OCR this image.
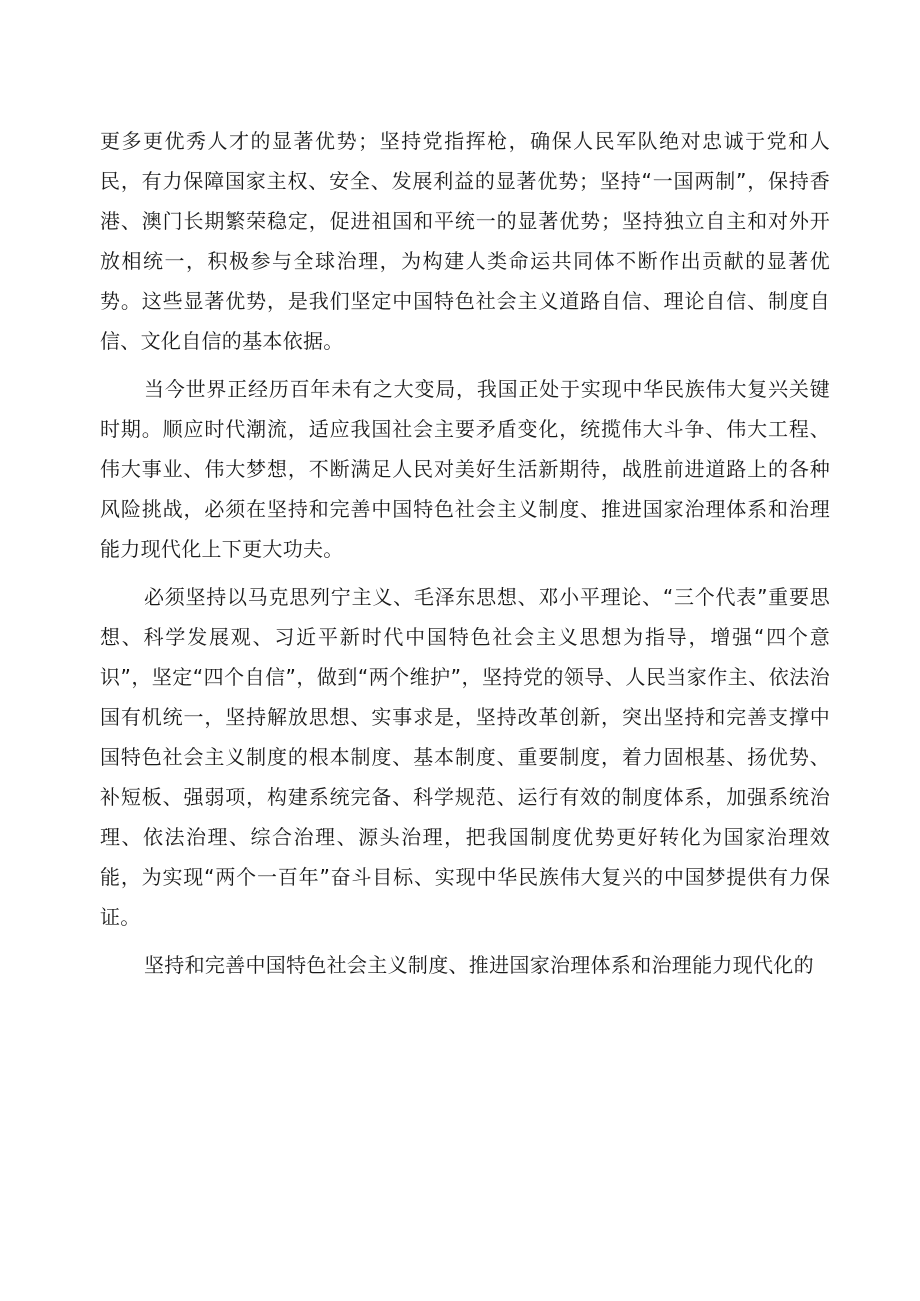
更多更优秀人才的显著优势；坚持党指挥枪，确保人民军队绝对忠诚于党和人民，有力保障国家主权、安全、发展利益的显著优势；坚持“一国两制”，保持香港、澳门长期繁荣稳定，促进祖国和平统一的显著优势；坚持独立自主和对外开放相统一，积极参与全球治理，为构建人类命运共同体不断作出贡献的显著优势。这些显著优势，是我们坚定中国特色社会主义道路自信、理论自信、制度自信、文化自信的基本依据。

当今世界正经历百年未有之大变局，我国正处于实现中华民族伟大复兴关键时期。顺应时代潮流，适应我国社会主要矛盾变化，统揽伟大斗争、伟大工程、伟大事业、伟大梦想，不断满足人民对美好生活新期待，战胜前进道路上的各种风险挑战，必须在坚持和完善中国特色社会主义制度、推进国家治理体系和治理能力现代化上下更大功夫。

必须坚持以马克思列宁主义、毛泽东思想、邓小平理论、“三个代表”重要思想、科学发展观、习近平新时代中国特色社会主义思想为指导，增强“四个意识”，坚定“四个自信”，做到“两个维护”，坚持党的领导、人民当家作主、依法治国有机统一，坚持解放思想、实事求是，坚持改革创新，突出坚持和完善支撑中国特色社会主义制度的根本制度、基本制度、重要制度，着力固根基、扬优势、补短板、强弱项，构建系统完备、科学规范、运行有效的制度体系，加强系统治理、依法治理、综合治理、源头治理，把我国制度优势更好转化为国家治理效能，为实现“两个一百年”奋斗目标、实现中华民族伟大复兴的中国梦提供有力保证。

坚持和完善中国特色社会主义制度、推进国家治理体系和治理能力现代化的
